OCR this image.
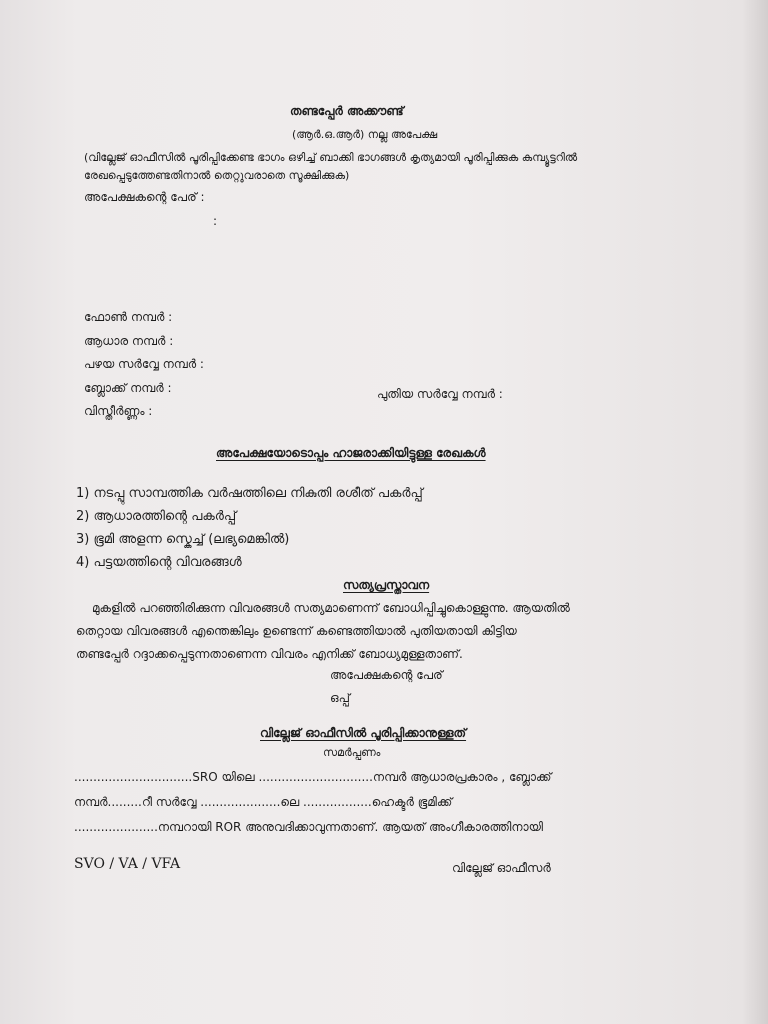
തണ്ടപ്പേർ അക്കൗണ്ട്
(ആർ.ഒ.ആർ) നല്ല അപേക്ഷ
(വില്ലേജ് ഓഫീസിൽ പൂരിപ്പിക്കേണ്ട ഭാഗം ഒഴിച്ച് ബാക്കി ഭാഗങ്ങൾ കൃത്യമായി പൂരിപ്പിക്കുക കമ്പ്യൂട്ടറിൽ
രേഖപ്പെടുത്തേണ്ടതിനാൽ തെറ്റുവരാതെ സൂക്ഷിക്കുക)
അപേക്ഷകന്റെ പേര് :
:
ഫോൺ നമ്പർ :
ആധാര നമ്പർ :
പഴയ സർവ്വേ നമ്പർ :
ബ്ലോക്ക് നമ്പർ :	പുതിയ സർവ്വേ നമ്പർ :
വിസ്തീർണ്ണം :
അപേക്ഷയോടൊപ്പം ഹാജരാക്കിയിട്ടുള്ള രേഖകൾ
1) നടപ്പു സാമ്പത്തിക വർഷത്തിലെ നികുതി രശീത് പകർപ്പ്
2) ആധാരത്തിന്റെ പകർപ്പ്
3) ഭൂമി അളന്ന സ്കെച്ച് (ലഭ്യമെങ്കിൽ)
4) പട്ടയത്തിന്റെ വിവരങ്ങൾ
സത്യപ്രസ്താവന
മുകളിൽ പറഞ്ഞിരിക്കുന്ന വിവരങ്ങൾ സത്യമാണെന്ന് ബോധിപ്പിച്ചുകൊള്ളുന്നു. ആയതിൽ
തെറ്റായ വിവരങ്ങൾ എന്തെങ്കിലും ഉണ്ടെന്ന് കണ്ടെത്തിയാൽ പുതിയതായി കിട്ടിയ
തണ്ടപ്പേർ റദ്ദാക്കപ്പെടുന്നതാണെന്ന വിവരം എനിക്ക് ബോധ്യമുള്ളതാണ്.
അപേക്ഷകന്റെ പേര്
ഒപ്പ്
വില്ലേജ് ഓഫീസിൽ പൂരിപ്പിക്കാനുള്ളത്
സമർപ്പണം
...............................SRO യിലെ ..............................നമ്പർ ആധാരപ്രകാരം , ബ്ലോക്ക്
നമ്പർ.........റീ സർവ്വേ .....................ലെ ..................ഹെക്ടർ ഭൂമിക്ക്
......................നമ്പറായി ROR അനുവദിക്കാവുന്നതാണ്. ആയത് അംഗീകാരത്തിനായി
SVO / VA / VFA	വില്ലേജ് ഓഫീസർ
